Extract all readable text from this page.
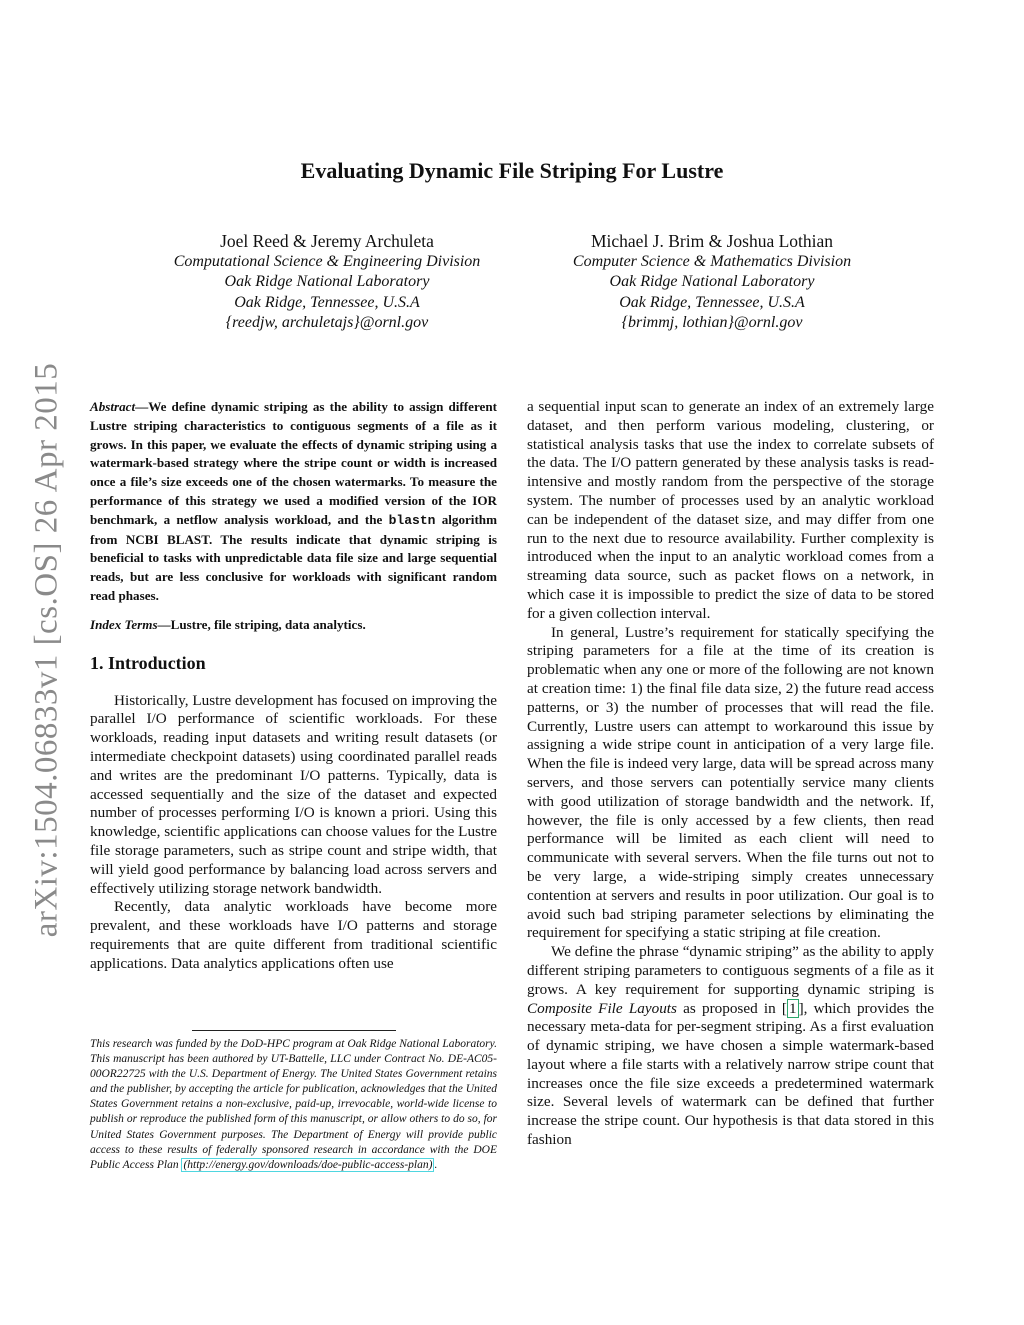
arXiv:1504.06833v1 [cs.OS] 26 Apr 2015
Evaluating Dynamic File Striping For Lustre
Joel Reed & Jeremy Archuleta
Computational Science & Engineering Division
Oak Ridge National Laboratory
Oak Ridge, Tennessee, U.S.A
{reedjw, archuletajs}@ornl.gov
Michael J. Brim & Joshua Lothian
Computer Science & Mathematics Division
Oak Ridge National Laboratory
Oak Ridge, Tennessee, U.S.A
{brimmj, lothian}@ornl.gov

Abstract—We define dynamic striping as the ability to assign different Lustre striping characteristics to contiguous segments of a file as it grows. In this paper, we evaluate the effects of dynamic striping using a watermark-based strategy where the stripe count or width is increased once a file’s size exceeds one of the chosen watermarks. To measure the performance of this strategy we used a modified version of the IOR benchmark, a netflow analysis workload, and the blastn algorithm from NCBI BLAST. The results indicate that dynamic striping is beneficial to tasks with unpredictable data file size and large sequential reads, but are less conclusive for workloads with significant random read phases.

Index Terms—Lustre, file striping, data analytics.

1. Introduction

Historically, Lustre development has focused on improving the parallel I/O performance of scientific workloads. For these workloads, reading input datasets and writing result datasets (or intermediate checkpoint datasets) using coordinated parallel reads and writes are the predominant I/O patterns. Typically, data is accessed sequentially and the size of the dataset and expected number of processes performing I/O is known a priori. Using this knowledge, scientific applications can choose values for the Lustre file storage parameters, such as stripe count and stripe width, that will yield good performance by balancing load across servers and effectively utilizing storage network bandwidth.

Recently, data analytic workloads have become more prevalent, and these workloads have I/O patterns and storage requirements that are quite different from traditional scientific applications. Data analytics applications often use

This research was funded by the DoD-HPC program at Oak Ridge National Laboratory. This manuscript has been authored by UT-Battelle, LLC under Contract No. DE-AC05-00OR22725 with the U.S. Department of Energy. The United States Government retains and the publisher, by accepting the article for publication, acknowledges that the United States Government retains a non-exclusive, paid-up, irrevocable, world-wide license to publish or reproduce the published form of this manuscript, or allow others to do so, for United States Government purposes. The Department of Energy will provide public access to these results of federally sponsored research in accordance with the DOE Public Access Plan (http://energy.gov/downloads/doe-public-access-plan) .

a sequential input scan to generate an index of an extremely large dataset, and then perform various modeling, clustering, or statistical analysis tasks that use the index to correlate subsets of the data. The I/O pattern generated by these analysis tasks is read-intensive and mostly random from the perspective of the storage system. The number of processes used by an analytic workload can be independent of the dataset size, and may differ from one run to the next due to resource availability. Further complexity is introduced when the input to an analytic workload comes from a streaming data source, such as packet flows on a network, in which case it is impossible to predict the size of data to be stored for a given collection interval.

In general, Lustre’s requirement for statically specifying the striping parameters for a file at the time of its creation is problematic when any one or more of the following are not known at creation time: 1) the final file data size, 2) the future read access patterns, or 3) the number of processes that will read the file. Currently, Lustre users can attempt to workaround this issue by assigning a wide stripe count in anticipation of a very large file. When the file is indeed very large, data will be spread across many servers, and those servers can potentially service many clients with good utilization of storage bandwidth and the network. If, however, the file is only accessed by a few clients, then read performance will be limited as each client will need to communicate with several servers. When the file turns out not to be very large, a wide-striping simply creates unnecessary contention at servers and results in poor utilization. Our goal is to avoid such bad striping parameter selections by eliminating the requirement for specifying a static striping at file creation.

We define the phrase “dynamic striping” as the ability to apply different striping parameters to contiguous segments of a file as it grows. A key requirement for supporting dynamic striping is Composite File Layouts as proposed in [ 1 ], which provides the necessary meta-data for per-segment striping. As a first evaluation of dynamic striping, we have chosen a simple watermark-based layout where a file starts with a relatively narrow stripe count that increases once the file size exceeds a predetermined watermark size. Several levels of watermark can be defined that further increase the stripe count. Our hypothesis is that data stored in this fashion
